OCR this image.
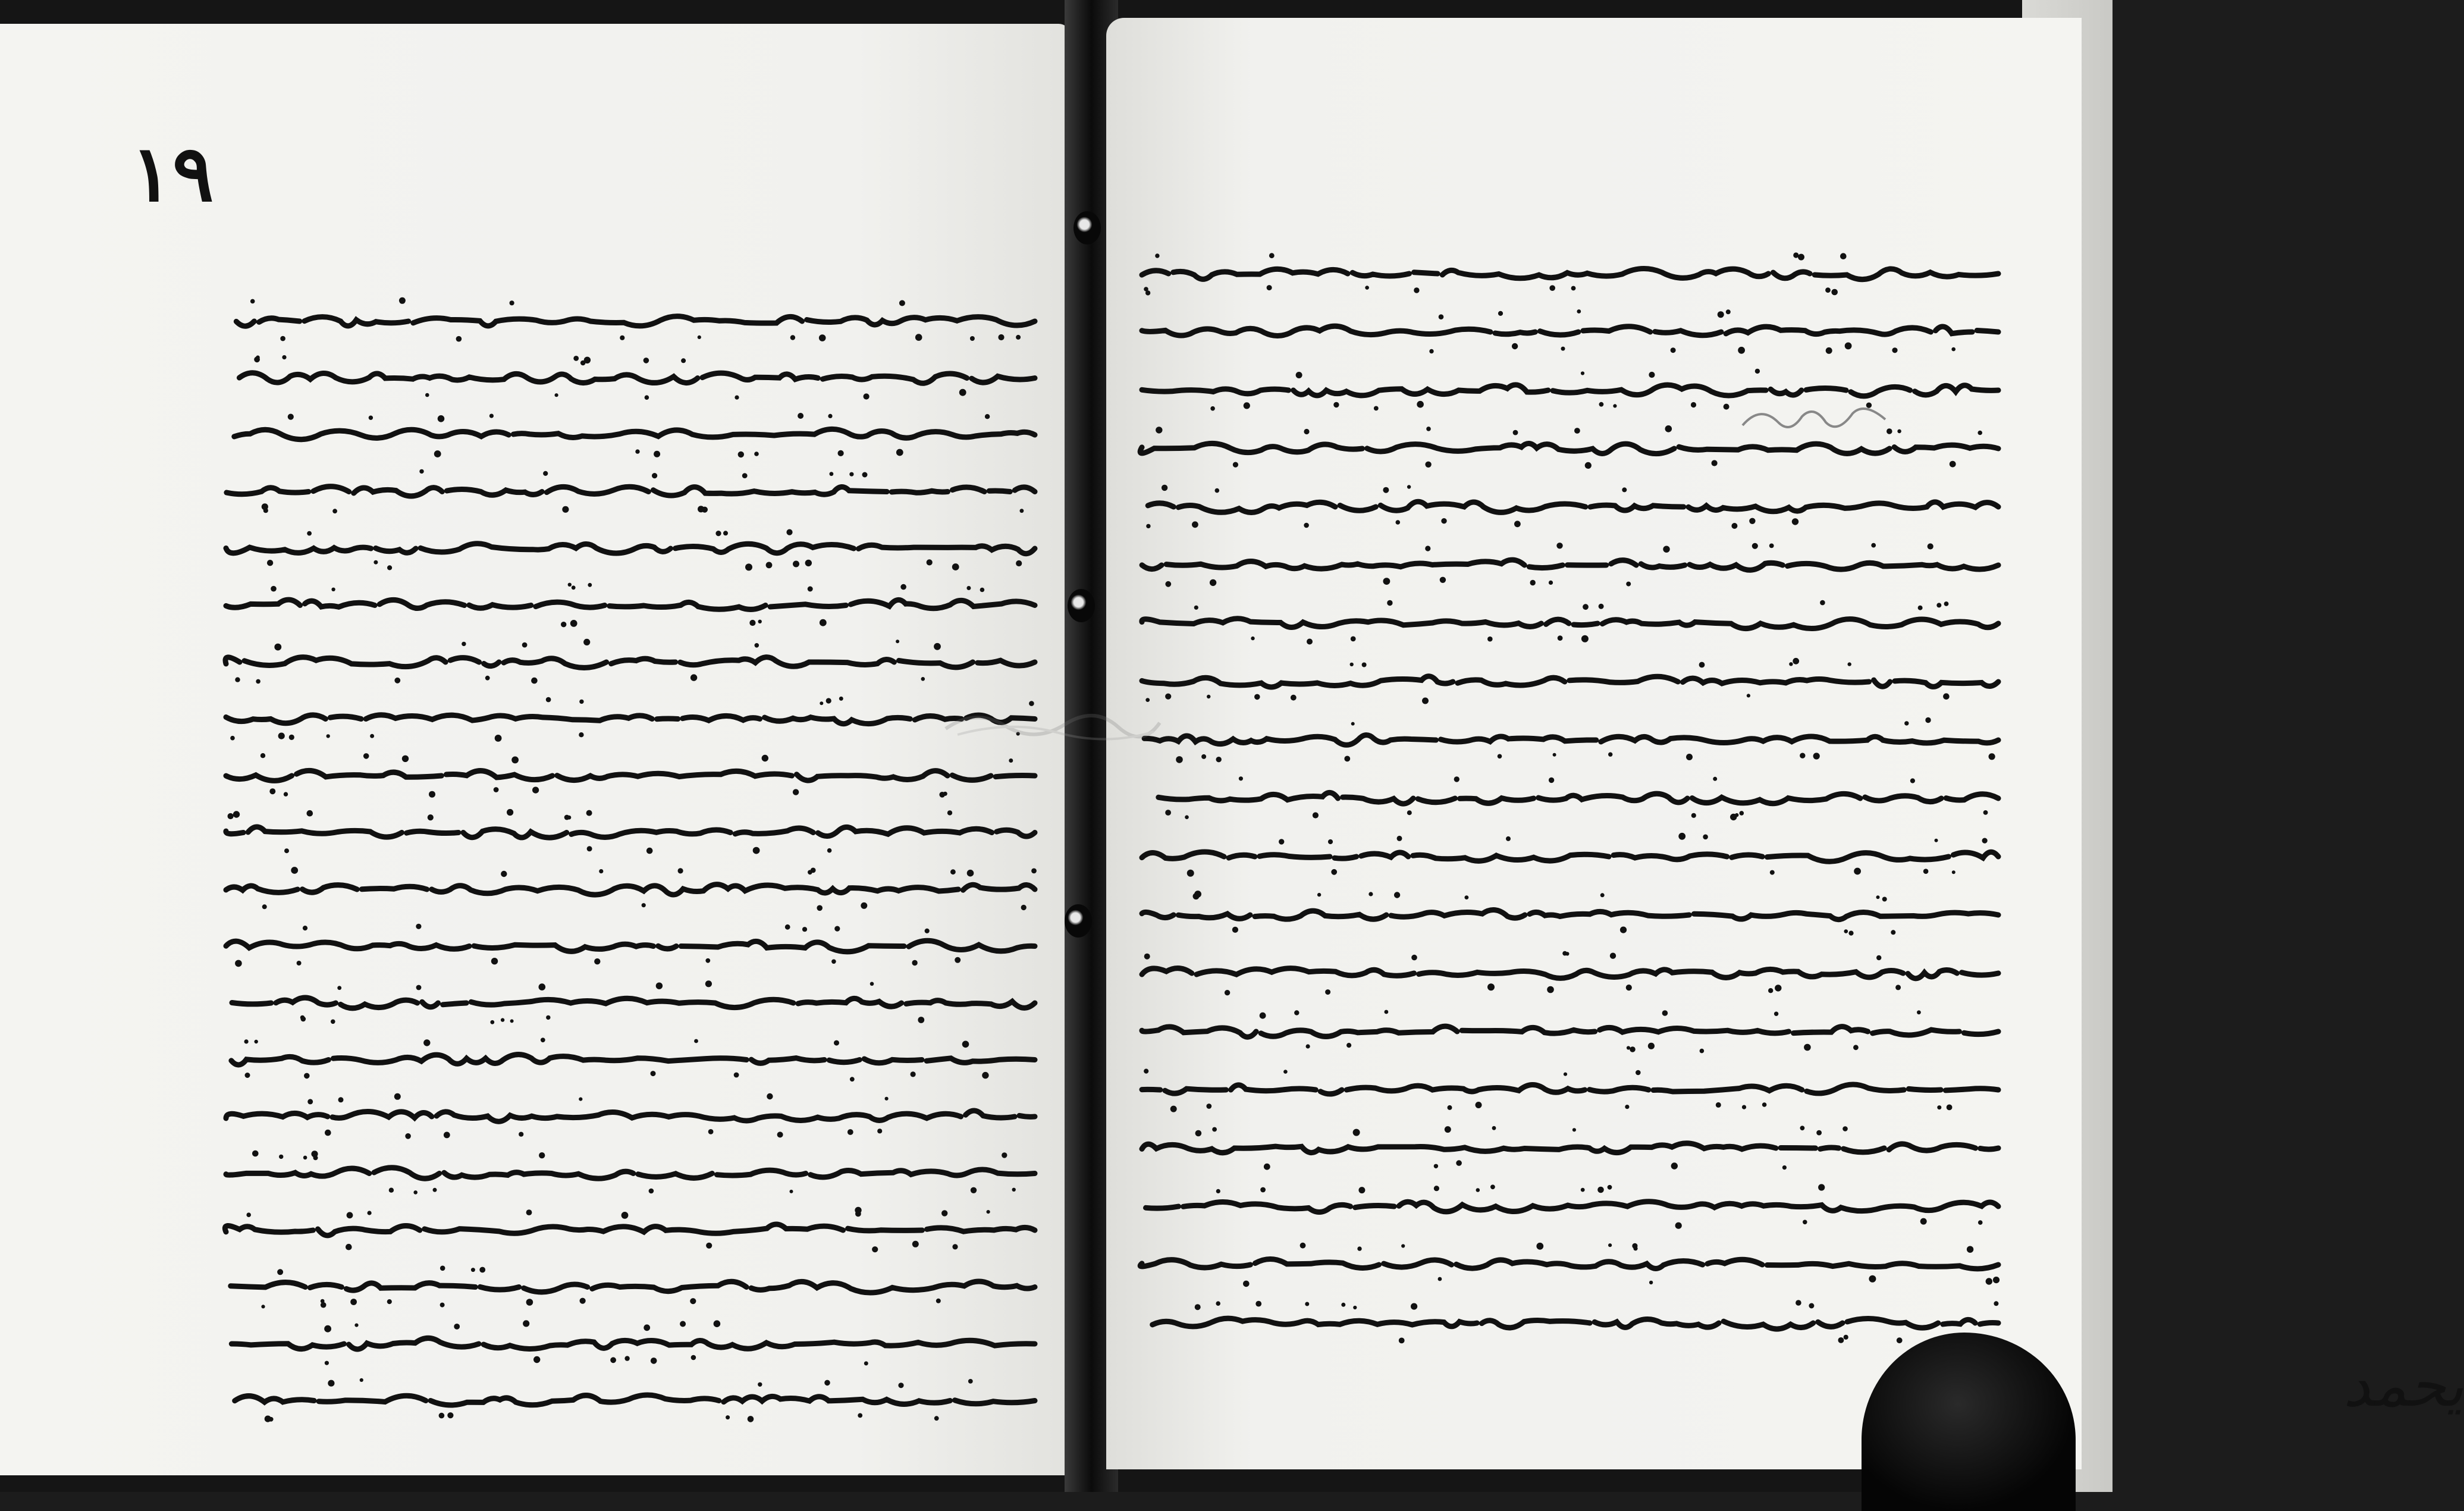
١٩
يحمد
